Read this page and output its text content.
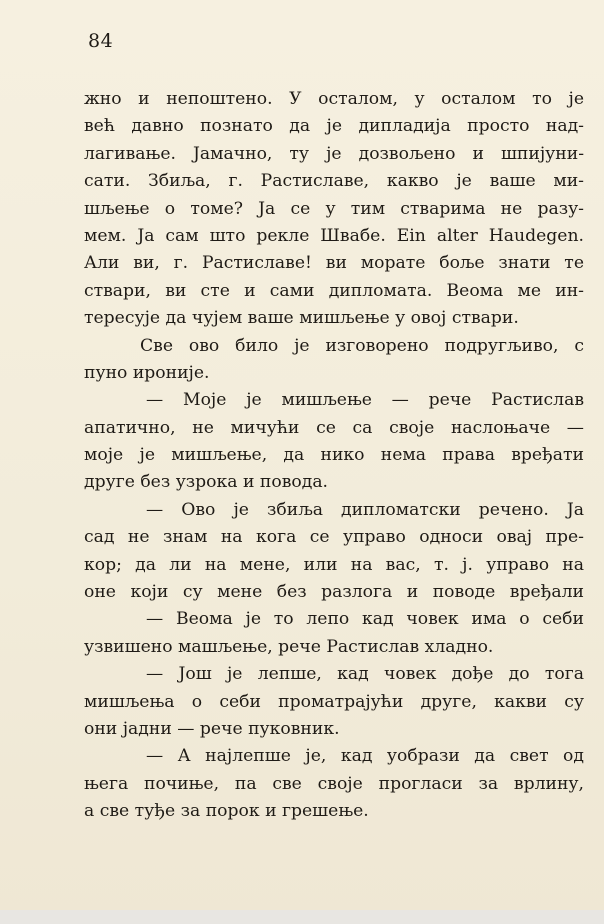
84
жно и непоштено. У осталом, у осталом то је
већ давно познато да је дипладија просто над-
лагивање. Јамачно, ту је дозвољено и шпијуни-
сати. Збиља, г. Растиславе, какво је ваше ми-
шљење о томе? Ја се у тим стварима не разу-
мем. Ја сам што рекле Швабе. Ein alter Haudegen.
Али ви, г. Растиславе! ви морате боље знати те
ствари, ви сте и сами дипломата. Веома ме ин-
тересује да чујем ваше мишљење у овој ствари.
Све ово било је изговорено подругљиво, с
пуно ироније.
— Моје је мишљење — рече Растислав
апатично, не мичући се са своје наслоњаче —
моје је мишљење, да нико нема права вређати
друге без узрока и повода.
— Ово је збиља дипломатски речено. Ја
сад не знам на кога се управо односи овај пре-
кор; да ли на мене, или на вас, т. ј. управо на
оне који су мене без разлога и поводе вређали
— Веома је то лепо кад човек има о себи
узвишено машљење, рече Растислав хладно.
— Још је лепше, кад човек дође до тога
мишљења о себи проматрајући друге, какви су
они јадни — рече пуковник.
— А најлепше је, кад уобрази да свет од
њега почиње, па све своје прогласи за врлину,
а све туђе за порок и грешење.
